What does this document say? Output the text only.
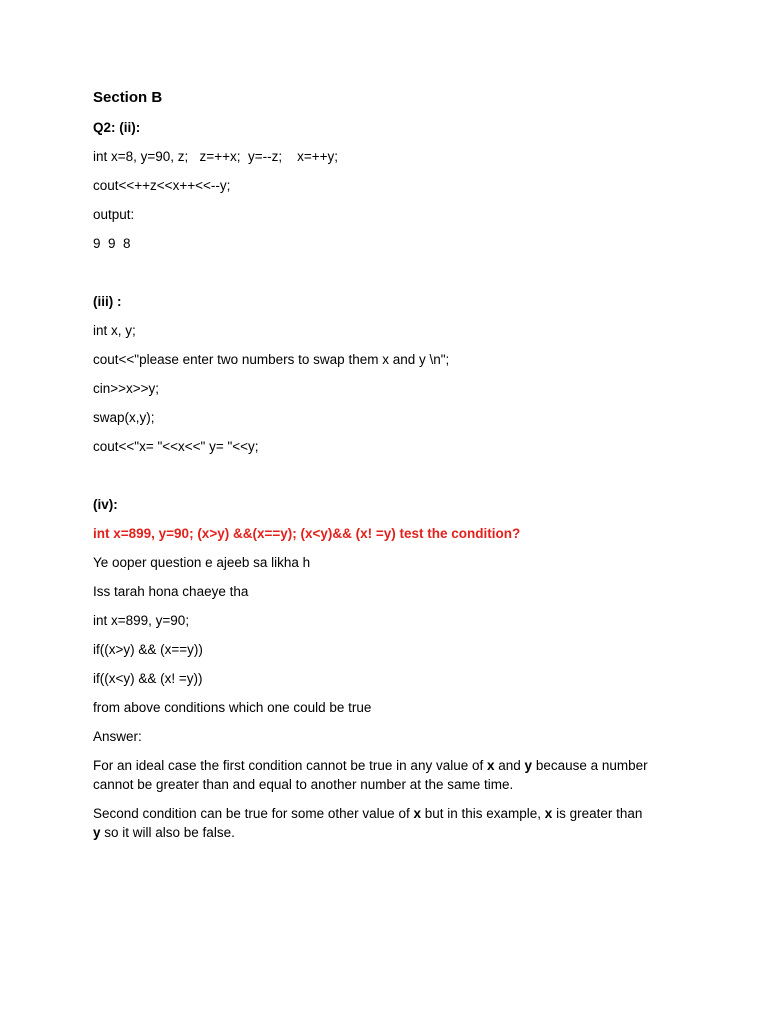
Section B
Q2: (ii):
int x=8, y=90, z;   z=++x;  y=--z;    x=++y;
cout<<++z<<x++<<--y;
output:
9  9  8
(iii) :
int x, y;
cout<<"please enter two numbers to swap them x and y \n";
cin>>x>>y;
swap(x,y);
cout<<"x= "<<x<<" y= "<<y;
(iv):
int x=899, y=90; (x>y) &&(x==y); (x<y)&& (x! =y) test the condition?
Ye ooper question e ajeeb sa likha h
Iss tarah hona chaeye tha
int x=899, y=90;
if((x>y) && (x==y))
if((x<y) && (x! =y))
from above conditions which one could be true
Answer:
For an ideal case the first condition cannot be true in any value of x and y because a number
cannot be greater than and equal to another number at the same time.
Second condition can be true for some other value of x but in this example, x is greater than
y so it will also be false.
